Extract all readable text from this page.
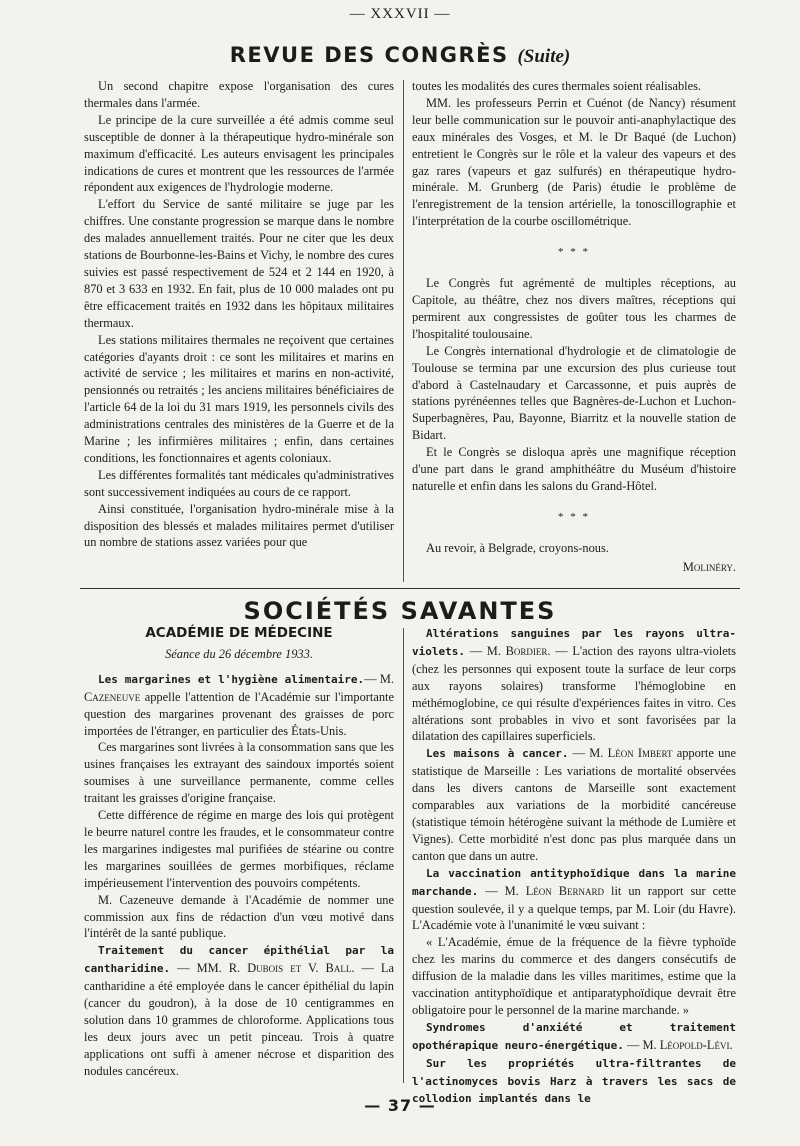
— XXXVII —
REVUE DES CONGRÈS (Suite)

Un second chapitre expose l'organisation des cures thermales dans l'armée.

Le principe de la cure surveillée a été admis comme seul susceptible de donner à la thérapeutique hydro-minérale son maximum d'efficacité. Les auteurs envisagent les principales indications de cures et montrent que les ressources de l'armée répondent aux exigences de l'hydrologie moderne.

L'effort du Service de santé militaire se juge par les chiffres. Une constante progression se marque dans le nombre des malades annuellement traités. Pour ne citer que les deux stations de Bourbonne-les-Bains et Vichy, le nombre des cures suivies est passé respectivement de 524 et 2 144 en 1920, à 870 et 3 633 en 1932. En fait, plus de 10 000 malades ont pu être efficacement traités en 1932 dans les hôpitaux militaires thermaux.

Les stations militaires thermales ne reçoivent que certaines catégories d'ayants droit : ce sont les militaires et marins en activité de service ; les militaires et marins en non-activité, pensionnés ou retraités ; les anciens militaires bénéficiaires de l'article 64 de la loi du 31 mars 1919, les personnels civils des administrations centrales des ministères de la Guerre et de la Marine ; les infirmières militaires ; enfin, dans certaines conditions, les fonctionnaires et agents coloniaux.

Les différentes formalités tant médicales qu'administratives sont successivement indiquées au cours de ce rapport.

Ainsi constituée, l'organisation hydro-minérale mise à la disposition des blessés et malades militaires permet d'utiliser un nombre de stations assez variées pour que

toutes les modalités des cures thermales soient réalisables.

MM. les professeurs Perrin et Cuénot (de Nancy) résument leur belle communication sur le pouvoir anti-anaphylactique des eaux minérales des Vosges, et M. le Dr Baqué (de Luchon) entretient le Congrès sur le rôle et la valeur des vapeurs et des gaz rares (vapeurs et gaz sulfurés) en thérapeutique hydro-minérale. M. Grunberg (de Paris) étudie le problème de l'enregistrement de la tension artérielle, la tonoscillographie et l'interprétation de la courbe oscillométrique.

* * *

Le Congrès fut agrémenté de multiples réceptions, au Capitole, au théâtre, chez nos divers maîtres, réceptions qui permirent aux congressistes de goûter tous les charmes de l'hospitalité toulousaine.

Le Congrès international d'hydrologie et de climatologie de Toulouse se termina par une excursion des plus curieuse tout d'abord à Castelnaudary et Carcassonne, et puis auprès de stations pyrénéennes telles que Bagnères-de-Luchon et Luchon-Superbagnères, Pau, Bayonne, Biarritz et la nouvelle station de Bidart.

Et le Congrès se disloqua après une magnifique réception d'une part dans le grand amphithéâtre du Muséum d'histoire naturelle et enfin dans les salons du Grand-Hôtel.

* * *

Au revoir, à Belgrade, croyons-nous.

Molinéry.
SOCIÉTÉS SAVANTES
ACADÉMIE DE MÉDECINE
Séance du 26 décembre 1933.

Les margarines et l'hygiène alimentaire.— M. Cazeneuve appelle l'attention de l'Académie sur l'importante question des margarines provenant des graisses de porc importées de l'étranger, en particulier des États-Unis.

Ces margarines sont livrées à la consommation sans que les usines françaises les extrayant des saindoux importés soient soumises à une surveillance permanente, comme celles traitant les graisses d'origine française.

Cette différence de régime en marge des lois qui protègent le beurre naturel contre les fraudes, et le consommateur contre les margarines indigestes mal purifiées de stéarine ou contre les margarines souillées de germes morbifiques, réclame impérieusement l'intervention des pouvoirs compétents.

M. Cazeneuve demande à l'Académie de nommer une commission aux fins de rédaction d'un vœu motivé dans l'intérêt de la santé publique.

Traitement du cancer épithélial par la cantharidine. — MM. R. Dubois et V. Ball. — La cantharidine a été employée dans le cancer épithélial du lapin (cancer du goudron), à la dose de 10 centigrammes en solution dans 10 grammes de chloroforme. Applications tous les deux jours avec un petit pinceau. Trois à quatre applications ont suffi à amener nécrose et disparition des nodules cancéreux.

Altérations sanguines par les rayons ultra-violets. — M. Bordier. — L'action des rayons ultra-violets (chez les personnes qui exposent toute la surface de leur corps aux rayons solaires) transforme l'hémoglobine en méthémoglobine, ce qui résulte d'expériences faites in vitro. Ces altérations sont probables in vivo et sont favorisées par la dilatation des capillaires superficiels.

Les maisons à cancer. — M. Léon Imbert apporte une statistique de Marseille : Les variations de mortalité observées dans les divers cantons de Marseille sont exactement comparables aux variations de la morbidité cancéreuse (statistique témoin hétérogène suivant la méthode de Lumière et Vignes). Cette morbidité n'est donc pas plus marquée dans un canton que dans un autre.

La vaccination antityphoïdique dans la marine marchande. — M. Léon Bernard lit un rapport sur cette question soulevée, il y a quelque temps, par M. Loir (du Havre). L'Académie vote à l'unanimité le vœu suivant :

« L'Académie, émue de la fréquence de la fièvre typhoïde chez les marins du commerce et des dangers consécutifs de diffusion de la maladie dans les villes maritimes, estime que la vaccination antityphoïdique et antiparatyphoïdique devrait être obligatoire pour le personnel de la marine marchande. »

Syndromes d'anxiété et traitement opothérapique neuro-énergétique. — M. Léopold-Lévi.

Sur les propriétés ultra-filtrantes de l'actinomyces bovis Harz à travers les sacs de collodion implantés dans le

— 37 —
